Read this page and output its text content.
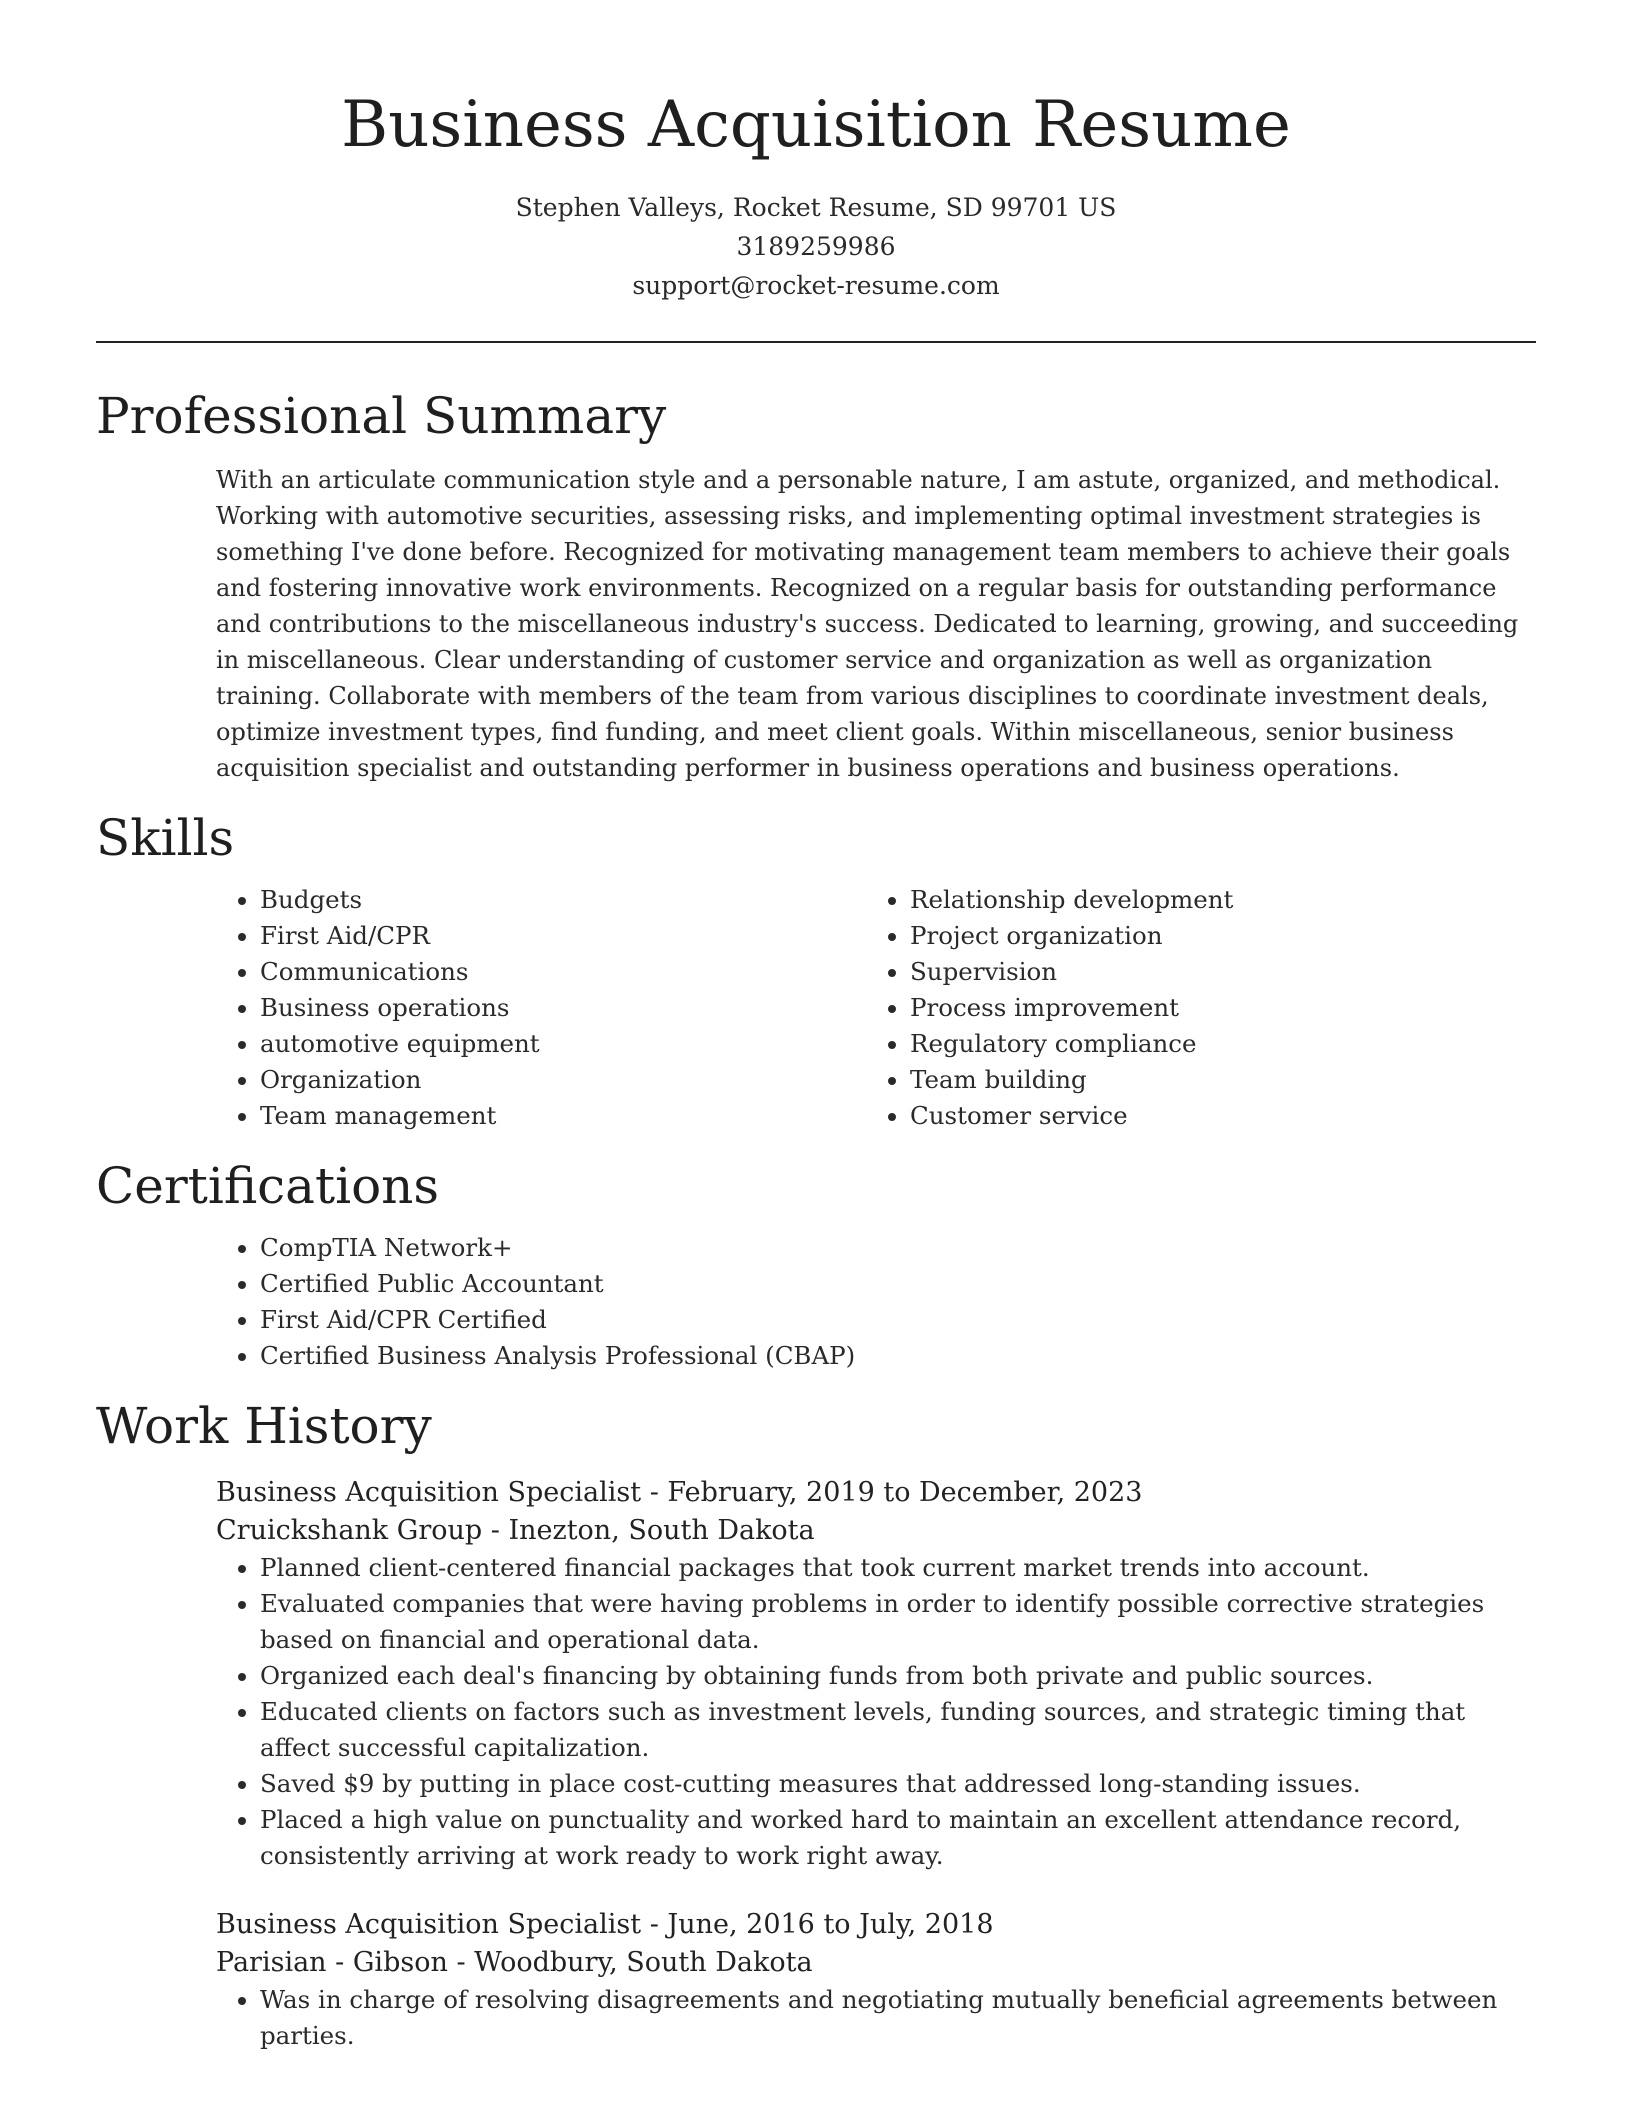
Business Acquisition Resume

Stephen Valleys, Rocket Resume, SD 99701 US

3189259986

support@rocket-resume.com

Professional Summary

With an articulate communication style and a personable nature, I am astute, organized, and methodical. Working with automotive securities, assessing risks, and implementing optimal investment strategies is something I've done before. Recognized for motivating management team members to achieve their goals and fostering innovative work environments. Recognized on a regular basis for outstanding performance and contributions to the miscellaneous industry's success. Dedicated to learning, growing, and succeeding in miscellaneous. Clear understanding of customer service and organization as well as organization training. Collaborate with members of the team from various disciplines to coordinate investment deals, optimize investment types, find funding, and meet client goals. Within miscellaneous, senior business acquisition specialist and outstanding performer in business operations and business operations.

Skills
• Budgets
• First Aid/CPR
• Communications
• Business operations
• automotive equipment
• Organization
• Team management
• Relationship development
• Project organization
• Supervision
• Process improvement
• Regulatory compliance
• Team building
• Customer service
Certifications
• CompTIA Network+
• Certified Public Accountant
• First Aid/CPR Certified
• Certified Business Analysis Professional (CBAP)
Work History

Business Acquisition Specialist - February, 2019 to December, 2023

Cruickshank Group - Inezton, South Dakota

• Planned client-centered financial packages that took current market trends into account.
• Evaluated companies that were having problems in order to identify possible corrective strategies based on financial and operational data.
• Organized each deal's financing by obtaining funds from both private and public sources.
• Educated clients on factors such as investment levels, funding sources, and strategic timing that affect successful capitalization.
• Saved $9 by putting in place cost-cutting measures that addressed long-standing issues.
• Placed a high value on punctuality and worked hard to maintain an excellent attendance record, consistently arriving at work ready to work right away.

Business Acquisition Specialist - June, 2016 to July, 2018

Parisian - Gibson - Woodbury, South Dakota

• Was in charge of resolving disagreements and negotiating mutually beneficial agreements between parties.
